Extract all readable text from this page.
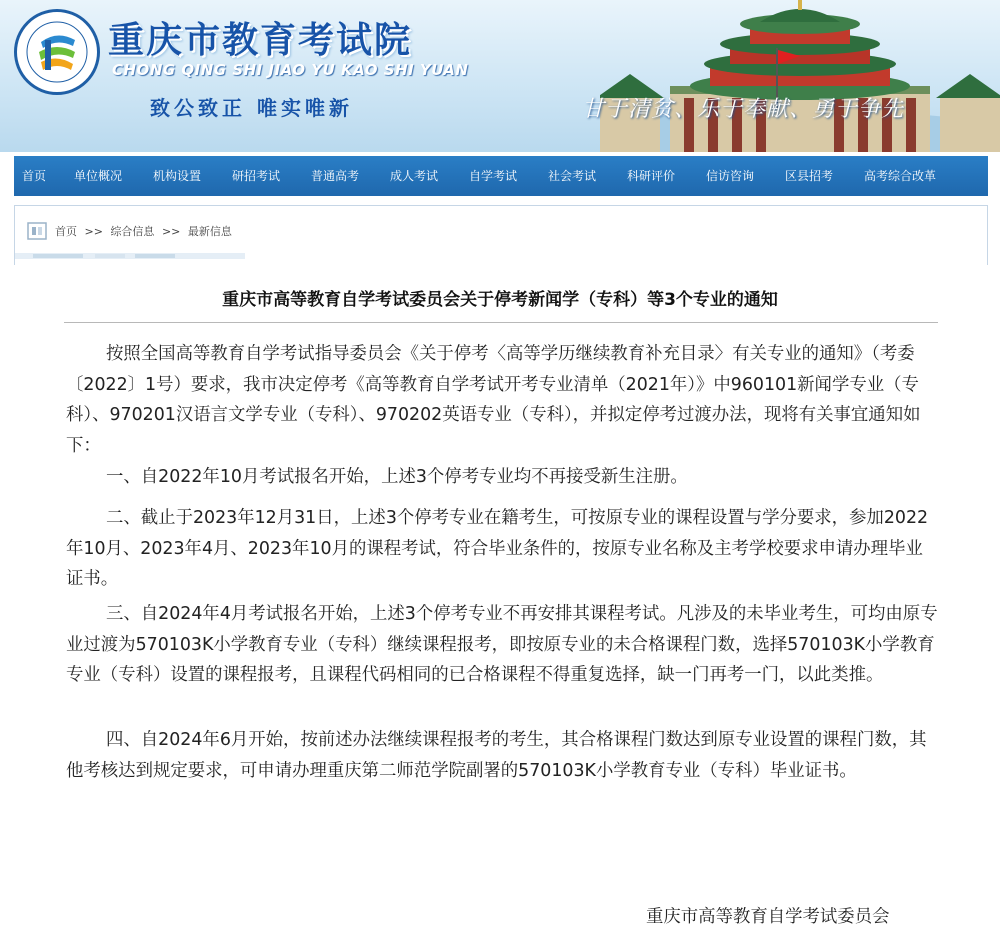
重庆市教育考试院
CHONG QING SHI JIAO YU KAO SHI YUAN
致公致正 唯实唯新	甘于清贫、乐于奉献、勇于争先
首页 单位概况	机构设置	研招考试	普通高考	成人考试	自学考试	社会考试	科研评价	信访咨询	区县招考	高考综合改革
首页 >> 综合信息 >> 最新信息
重庆市高等教育自学考试委员会关于停考新闻学（专科）等3个专业的通知

按照全国高等教育自学考试指导委员会《关于停考〈高等学历继续教育补充目录〉有关专业的通知》（考委〔2022〕1号）要求，我市决定停考《高等教育自学考试开考专业清单（2021年）》中960101新闻学专业（专科）、970201汉语言文学专业（专科）、970202英语专业（专科），并拟定停考过渡办法，现将有关事宜通知如下：

一、自2022年10月考试报名开始，上述3个停考专业均不再接受新生注册。

二、截止于2023年12月31日，上述3个停考专业在籍考生，可按原专业的课程设置与学分要求，参加2022年10月、2023年4月、2023年10月的课程考试，符合毕业条件的，按原专业名称及主考学校要求申请办理毕业证书。

三、自2024年4月考试报名开始，上述3个停考专业不再安排其课程考试。凡涉及的未毕业考生，可均由原专业过渡为570103K小学教育专业（专科）继续课程报考，即按原专业的未合格课程门数，选择570103K小学教育专业（专科）设置的课程报考，且课程代码相同的已合格课程不得重复选择，缺一门再考一门，以此类推。

四、自2024年6月开始，按前述办法继续课程报考的考生，其合格课程门数达到原专业设置的课程门数，其他考核达到规定要求，可申请办理重庆第二师范学院副署的570103K小学教育专业（专科）毕业证书。

重庆市高等教育自学考试委员会
